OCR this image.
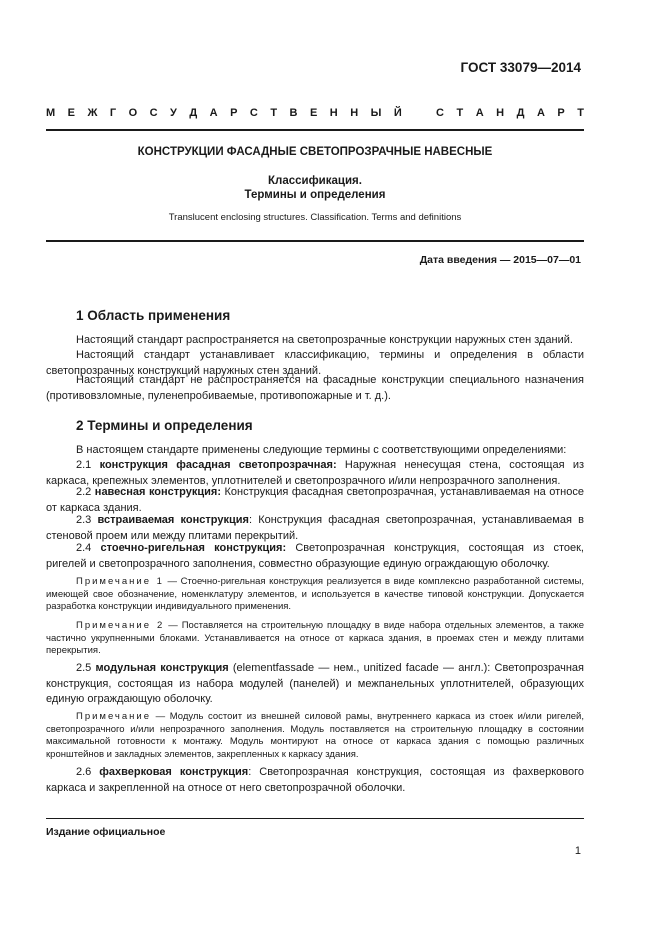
ГОСТ 33079—2014
М Е Ж Г О С У Д А Р С Т В Е Н Н Ы Й	С Т А Н Д А Р Т
КОНСТРУКЦИИ ФАСАДНЫЕ СВЕТОПРОЗРАЧНЫЕ НАВЕСНЫЕ
Классификация.
Термины и определения
Translucent enclosing structures. Classification. Terms and definitions
Дата введения — 2015—07—01
1 Область применения

Настоящий стандарт распространяется на светопрозрачные конструкции наружных стен зданий.

Настоящий стандарт устанавливает классификацию, термины и определения в области светопрозрачных конструкций наружных стен зданий.

Настоящий стандарт не распространяется на фасадные конструкции специального назначения (противовзломные, пуленепробиваемые, противопожарные и т. д.).

2 Термины и определения

В настоящем стандарте применены следующие термины с соответствующими определениями:

2.1 конструкция фасадная светопрозрачная: Наружная ненесущая стена, состоящая из каркаса, крепежных элементов, уплотнителей и светопрозрачного и/или непрозрачного заполнения.

2.2 навесная конструкция: Конструкция фасадная светопрозрачная, устанавливаемая на относе от каркаса здания.

2.3 встраиваемая конструкция: Конструкция фасадная светопрозрачная, устанавливаемая в стеновой проем или между плитами перекрытий.

2.4 стоечно-ригельная конструкция: Светопрозрачная конструкция, состоящая из стоек, ригелей и светопрозрачного заполнения, совместно образующие единую ограждающую оболочку.

Примечание 1 — Стоечно-ригельная конструкция реализуется в виде комплексно разработанной системы, имеющей свое обозначение, номенклатуру элементов, и используется в качестве типовой конструкции. Допускается разработка конструкции индивидуального применения.

Примечание 2 — Поставляется на строительную площадку в виде набора отдельных элементов, а также частично укрупненными блоками. Устанавливается на относе от каркаса здания, в проемах стен и между плитами перекрытия.

2.5 модульная конструкция (elementfassade — нем., unitized facade — англ.): Светопрозрачная конструкция, состоящая из набора модулей (панелей) и межпанельных уплотнителей, образующих единую ограждающую оболочку.

Примечание — Модуль состоит из внешней силовой рамы, внутреннего каркаса из стоек и/или ригелей, светопрозрачного и/или непрозрачного заполнения. Модуль поставляется на строительную площадку в состоянии максимальной готовности к монтажу. Модуль монтируют на относе от каркаса здания с помощью различных кронштейнов и закладных элементов, закрепленных к каркасу здания.

2.6 фахверковая конструкция: Светопрозрачная конструкция, состоящая из фахверкового каркаса и закрепленной на относе от него светопрозрачной оболочки.

Издание официальное
1
